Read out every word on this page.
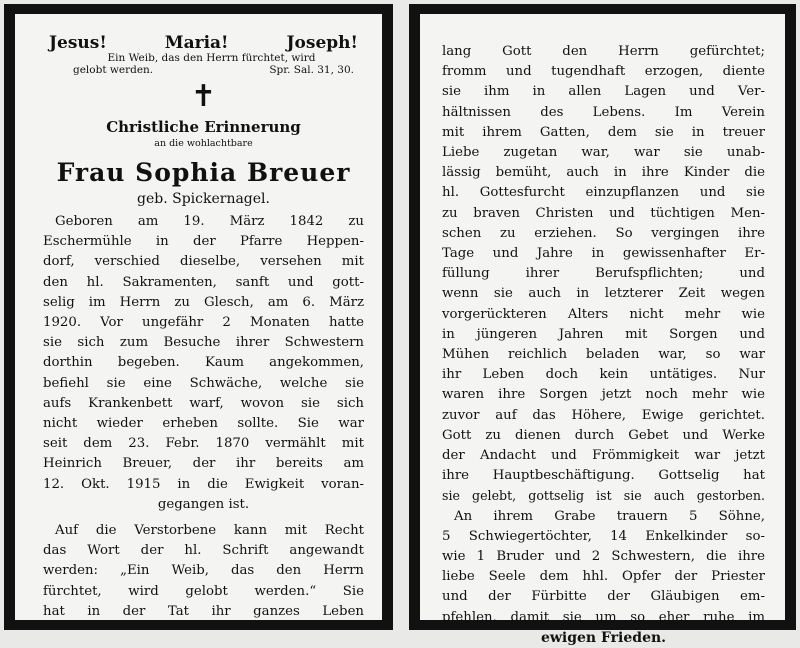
Jesus!	Maria!	Joseph!
Ein Weib, das den Herrn fürchtet, wird
gelobt werden.	Spr. Sal. 31, 30.
✝
Christliche Erinnerung
an die wohlachtbare
Frau Sophia Breuer
geb. Spickernagel.
Geboren am 19. März 1842 zu
Eschermühle in der Pfarre Heppen-
dorf, verschied dieselbe, versehen mit
den hl. Sakramenten, sanft und gott-
selig im Herrn zu Glesch, am 6. März
1920. Vor ungefähr 2 Monaten hatte
sie sich zum Besuche ihrer Schwestern
dorthin begeben. Kaum angekommen,
befiehl sie eine Schwäche, welche sie
aufs Krankenbett warf, wovon sie sich
nicht wieder erheben sollte. Sie war
seit dem 23. Febr. 1870 vermählt mit
Heinrich Breuer, der ihr bereits am
12. Okt. 1915 in die Ewigkeit voran-
gegangen ist.
Auf die Verstorbene kann mit Recht
das Wort der hl. Schrift angewandt
werden: „Ein Weib, das den Herrn
fürchtet, wird gelobt werden.“ Sie
hat in der Tat ihr ganzes Leben
lang Gott den Herrn gefürchtet;
fromm und tugendhaft erzogen, diente
sie ihm in allen Lagen und Ver-
hältnissen des Lebens. Im Verein
mit ihrem Gatten, dem sie in treuer
Liebe zugetan war, war sie unab-
lässig bemüht, auch in ihre Kinder die
hl. Gottesfurcht einzupflanzen und sie
zu braven Christen und tüchtigen Men-
schen zu erziehen. So vergingen ihre
Tage und Jahre in gewissenhafter Er-
füllung ihrer Berufspflichten; und
wenn sie auch in letzterer Zeit wegen
vorgerückteren Alters nicht mehr wie
in jüngeren Jahren mit Sorgen und
Mühen reichlich beladen war, so war
ihr Leben doch kein untätiges. Nur
waren ihre Sorgen jetzt noch mehr wie
zuvor auf das Höhere, Ewige gerichtet.
Gott zu dienen durch Gebet und Werke
der Andacht und Frömmigkeit war jetzt
ihre Hauptbeschäftigung. Gottselig hat
sie gelebt, gottselig ist sie auch gestorben.
An ihrem Grabe trauern 5 Söhne,
5 Schwiegertöchter, 14 Enkelkinder so-
wie 1 Bruder und 2 Schwestern, die ihre
liebe Seele dem hhl. Opfer der Priester
und der Fürbitte der Gläubigen em-
pfehlen, damit sie um so eher ruhe im
ewigen Frieden.
